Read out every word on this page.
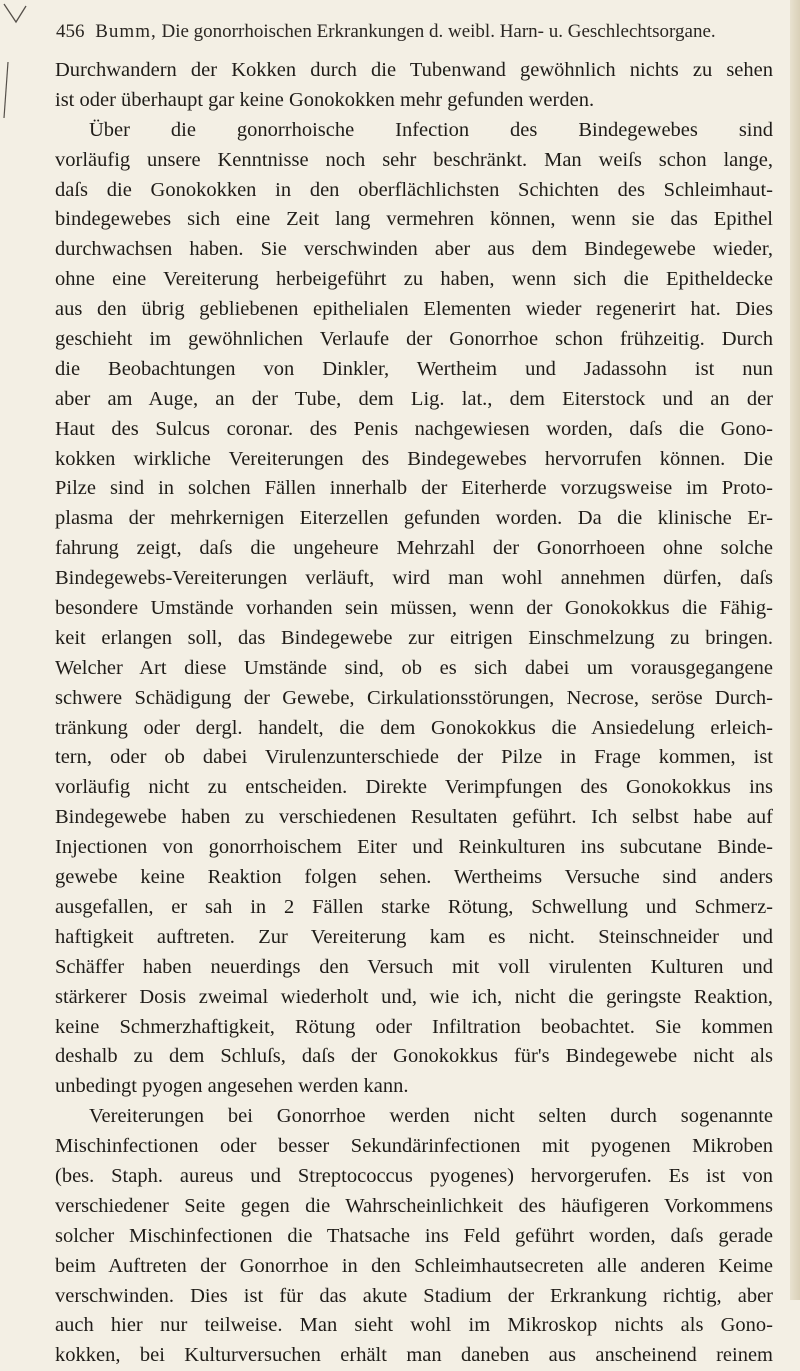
456 Bumm, Die gonorrhoischen Erkrankungen d. weibl. Harn- u. Geschlechtsorgane.
Durchwandern der Kokken durch die Tubenwand gewöhnlich nichts zu sehen
ist oder überhaupt gar keine Gonokokken mehr gefunden werden.
Über die gonorrhoische Infection des Bindegewebes sind
vorläufig unsere Kenntnisse noch sehr beschränkt. Man weiſs schon lange,
daſs die Gonokokken in den oberflächlichsten Schichten des Schleimhaut-
bindegewebes sich eine Zeit lang vermehren können, wenn sie das Epithel
durchwachsen haben. Sie verschwinden aber aus dem Bindegewebe wieder,
ohne eine Vereiterung herbeigeführt zu haben, wenn sich die Epitheldecke
aus den übrig gebliebenen epithelialen Elementen wieder regenerirt hat. Dies
geschieht im gewöhnlichen Verlaufe der Gonorrhoe schon frühzeitig. Durch
die Beobachtungen von Dinkler, Wertheim und Jadassohn ist nun
aber am Auge, an der Tube, dem Lig. lat., dem Eiterstock und an der
Haut des Sulcus coronar. des Penis nachgewiesen worden, daſs die Gono-
kokken wirkliche Vereiterungen des Bindegewebes hervorrufen können. Die
Pilze sind in solchen Fällen innerhalb der Eiterherde vorzugsweise im Proto-
plasma der mehrkernigen Eiterzellen gefunden worden. Da die klinische Er-
fahrung zeigt, daſs die ungeheure Mehrzahl der Gonorrhoeen ohne solche
Bindegewebs-Vereiterungen verläuft, wird man wohl annehmen dürfen, daſs
besondere Umstände vorhanden sein müssen, wenn der Gonokokkus die Fähig-
keit erlangen soll, das Bindegewebe zur eitrigen Einschmelzung zu bringen.
Welcher Art diese Umstände sind, ob es sich dabei um vorausgegangene
schwere Schädigung der Gewebe, Cirkulationsstörungen, Necrose, seröse Durch-
tränkung oder dergl. handelt, die dem Gonokokkus die Ansiedelung erleich-
tern, oder ob dabei Virulenzunterschiede der Pilze in Frage kommen, ist
vorläufig nicht zu entscheiden. Direkte Verimpfungen des Gonokokkus ins
Bindegewebe haben zu verschiedenen Resultaten geführt. Ich selbst habe auf
Injectionen von gonorrhoischem Eiter und Reinkulturen ins subcutane Binde-
gewebe keine Reaktion folgen sehen. Wertheims Versuche sind anders
ausgefallen, er sah in 2 Fällen starke Rötung, Schwellung und Schmerz-
haftigkeit auftreten. Zur Vereiterung kam es nicht. Steinschneider und
Schäffer haben neuerdings den Versuch mit voll virulenten Kulturen und
stärkerer Dosis zweimal wiederholt und, wie ich, nicht die geringste Reaktion,
keine Schmerzhaftigkeit, Rötung oder Infiltration beobachtet. Sie kommen
deshalb zu dem Schluſs, daſs der Gonokokkus für's Bindegewebe nicht als
unbedingt pyogen angesehen werden kann.
Vereiterungen bei Gonorrhoe werden nicht selten durch sogenannte
Mischinfectionen oder besser Sekundärinfectionen mit pyogenen Mikroben
(bes. Staph. aureus und Streptococcus pyogenes) hervorgerufen. Es ist von
verschiedener Seite gegen die Wahrscheinlichkeit des häufigeren Vorkommens
solcher Mischinfectionen die Thatsache ins Feld geführt worden, daſs gerade
beim Auftreten der Gonorrhoe in den Schleimhautsecreten alle anderen Keime
verschwinden. Dies ist für das akute Stadium der Erkrankung richtig, aber
auch hier nur teilweise. Man sieht wohl im Mikroskop nichts als Gono-
kokken, bei Kulturversuchen erhält man daneben aus anscheinend reinem
